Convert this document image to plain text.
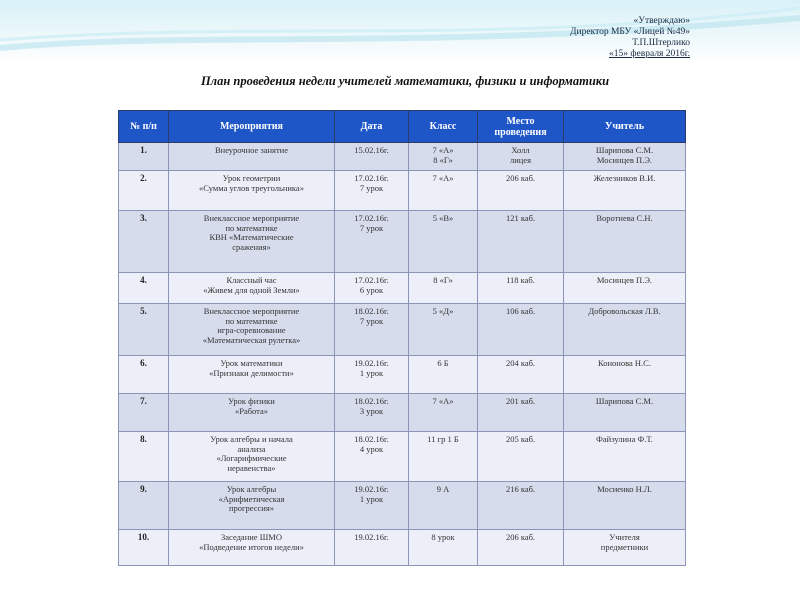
«Утверждаю»
Директор МБУ «Лицей №49»
Т.П.Штерлико
«15» февраля 2016г.
План проведения недели учителей математики, физики и информатики
№ п/п	Мероприятия	Дата	Класс	Место проведения	Учитель

1.	Внеурочное занятие	15.02.16г.	7 «А»
8 «Г»	Холл
лицея	Шарипова С.М.
Мосинцев П.Э.

2.	Урок геометрии
«Сумма углов треугольника»	17.02.16г.
7 урок	7 «А»	206 каб.	Железников В.И.

3.	Внеклассное мероприятие
по математике
КВН «Математические
сражения»	17.02.16г.
7 урок	5 «В»	121 каб.	Воротнева С.Н.

4.	Классный час
«Живем для одной Земли»	17.02.16г.
6 урок	8 «Г»	118 каб.	Мосинцев П.Э.

5.	Внеклассное мероприятие
по математике
игра-соревнование
«Математическая рулетка»	18.02.16г.
7 урок	5 «Д»	106 каб.	Добровольская Л.В.

6.	Урок математики
«Признаки делимости»	19.02.16г.
1 урок	6 Б	204 каб.	Кононова Н.С.

7.	Урок физики
«Работа»	18.02.16г.
3 урок	7 «А»	201 каб.	Шарипова С.М.

8.	Урок алгебры и начала
анализа
«Логарифмические
неравенства»	18.02.16г.
4 урок	11 гр 1 Б	205 каб.	Файзулина Ф.Т.

9.	Урок алгебры
«Арифметическая
прогрессия»	19.02.16г.
1 урок	9 А	216 каб.	Мосиенко Н.Л.

10.	Заседание ШМО
«Подведение итогов недели»	19.02.16г.	8 урок	206 каб.	Учителя
предметники
